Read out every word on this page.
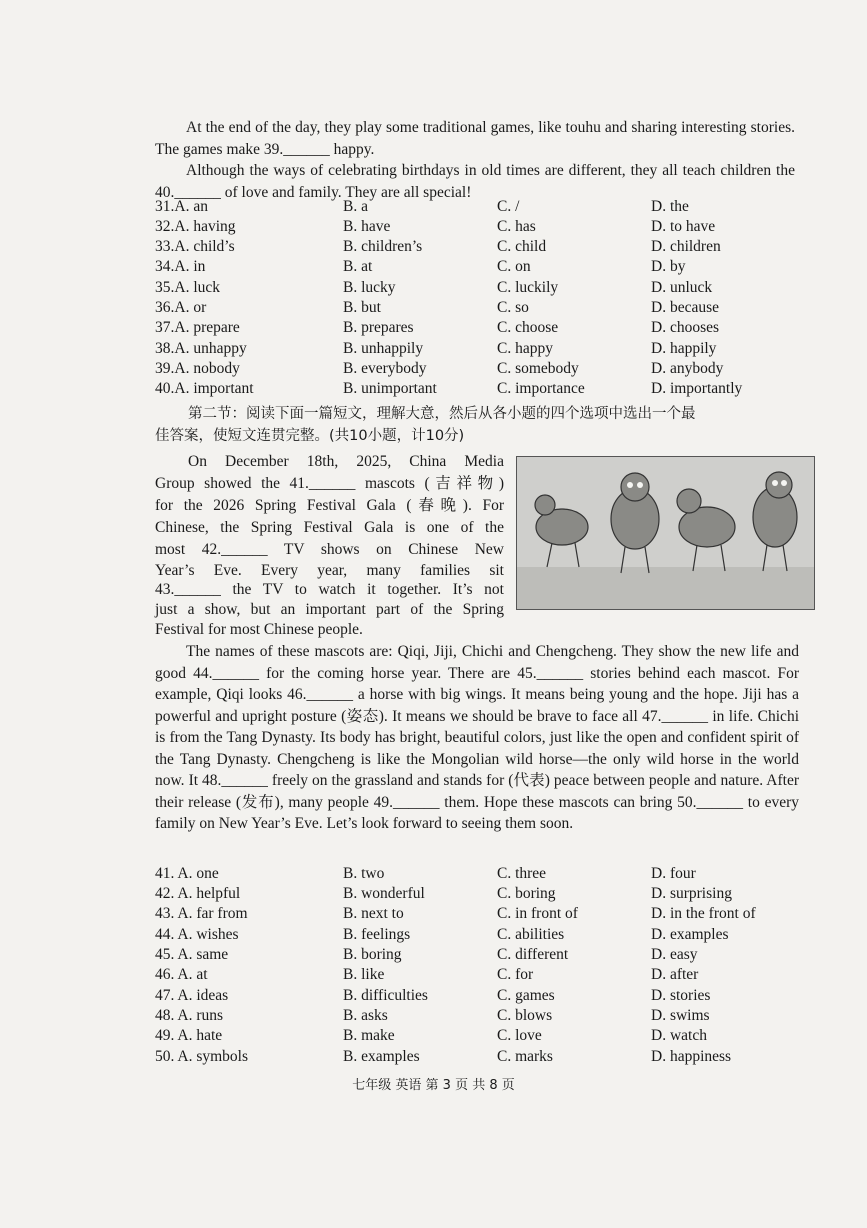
At the end of the day, they play some traditional games, like touhu and sharing interesting stories. The games make 39.______ happy.

Although the ways of celebrating birthdays in old times are different, they all teach children the 40.______ of love and family. They are all special!

31.A. an	B. a	C. /	D. the
32.A. having	B. have	C. has	D. to have
33.A. child’s	B. children’s	C. child	D. children
34.A. in	B. at	C. on	D. by
35.A. luck	B. lucky	C. luckily	D. unluck
36.A. or	B. but	C. so	D. because
37.A. prepare	B. prepares	C. choose	D. chooses
38.A. unhappy	B. unhappily	C. happy	D. happily
39.A. nobody	B. everybody	C. somebody	D. anybody
40.A. important	B. unimportant	C. importance	D. importantly
第二节：阅读下面一篇短文，理解大意，然后从各小题的四个选项中选出一个最
佳答案，使短文连贯完整。(共10小题，计10分)
On December 18th, 2025, China Media
Group showed the 41.______ mascots (吉祥物)
for the 2026 Spring Festival Gala (春晚). For
Chinese, the Spring Festival Gala is one of the
most 42.______ TV shows on Chinese New
Year’s Eve. Every year, many families sit
43.______ the TV to watch it together. It’s not
just a show, but an important part of the Spring
Festival for most Chinese people.
The names of these mascots are: Qiqi, Jiji, Chichi and Chengcheng. They show the new life and good 44.______ for the coming horse year. There are 45.______ stories behind each mascot. For example, Qiqi looks 46.______ a horse with big wings. It means being young and the hope. Jiji has a powerful and upright posture (姿态). It means we should be brave to face all 47.______ in life. Chichi is from the Tang Dynasty. Its body has bright, beautiful colors, just like the open and confident spirit of the Tang Dynasty. Chengcheng is like the Mongolian wild horse—the only wild horse in the world now. It 48.______ freely on the grassland and stands for (代表) peace between people and nature. After their release (发布), many people 49.______ them. Hope these mascots can bring 50.______ to every family on New Year’s Eve. Let’s look forward to seeing them soon.
41. A. one	B. two	C. three	D. four
42. A. helpful	B. wonderful	C. boring	D. surprising
43. A. far from	B. next to	C. in front of	D. in the front of
44. A. wishes	B. feelings	C. abilities	D. examples
45. A. same	B. boring	C. different	D. easy
46. A. at	B. like	C. for	D. after
47. A. ideas	B. difficulties	C. games	D. stories
48. A. runs	B. asks	C. blows	D. swims
49. A. hate	B. make	C. love	D. watch
50. A. symbols	B. examples	C. marks	D. happiness
七年级 英语 第 3 页 共 8 页
